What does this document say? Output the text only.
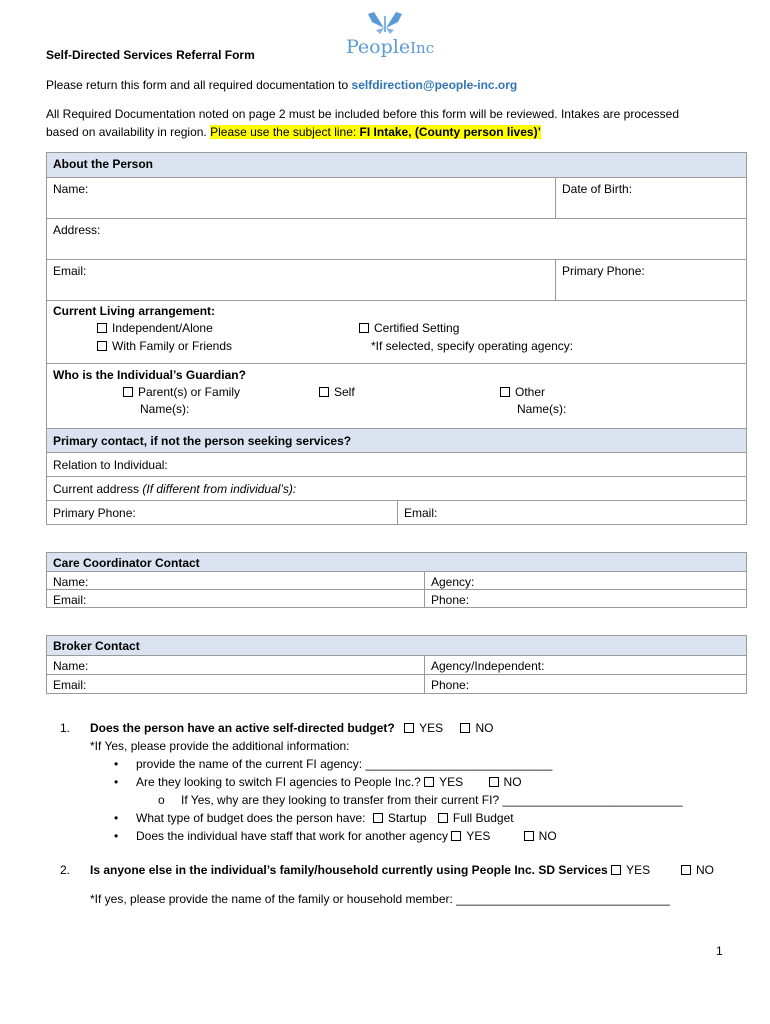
PeopleInc
Self-Directed Services Referral Form
Please return this form and all required documentation to selfdirection@people-inc.org
All Required Documentation noted on page 2 must be included before this form will be reviewed. Intakes are processed
based on availability in region. Please use the subject line: FI Intake, (County person lives)’
About the Person
Name:	Date of Birth:
Address:
Email:	Primary Phone:
Current Living arrangement:
Independent/Alone
With Family or Friends
Certified Setting
*If selected, specify operating agency:
Who is the Individual’s Guardian?
Parent(s) or Family
Name(s):
Self	Other
Name(s):
Primary contact, if not the person seeking services?
Relation to Individual:
Current address (If different from individual’s):
Primary Phone:	Email:
Care Coordinator Contact
Name:	Agency:
Email:	Phone:
Broker Contact
Name:	Agency/Independent:
Email:	Phone:
1. Does the person have an active self-directed budget? YES	NO
*If Yes, please provide the additional information:
• provide the name of the current FI agency: ____________________________
• Are they looking to switch FI agencies to People Inc.? YES	NO
o If Yes, why are they looking to transfer from their current FI? ___________________________
• What type of budget does the person have: Startup Full Budget
• Does the individual have staff that work for another agency YES	NO
2. Is anyone else in the individual’s family/household currently using People Inc. SD Services YES	NO
*If yes, please provide the name of the family or household member: ________________________________
1
